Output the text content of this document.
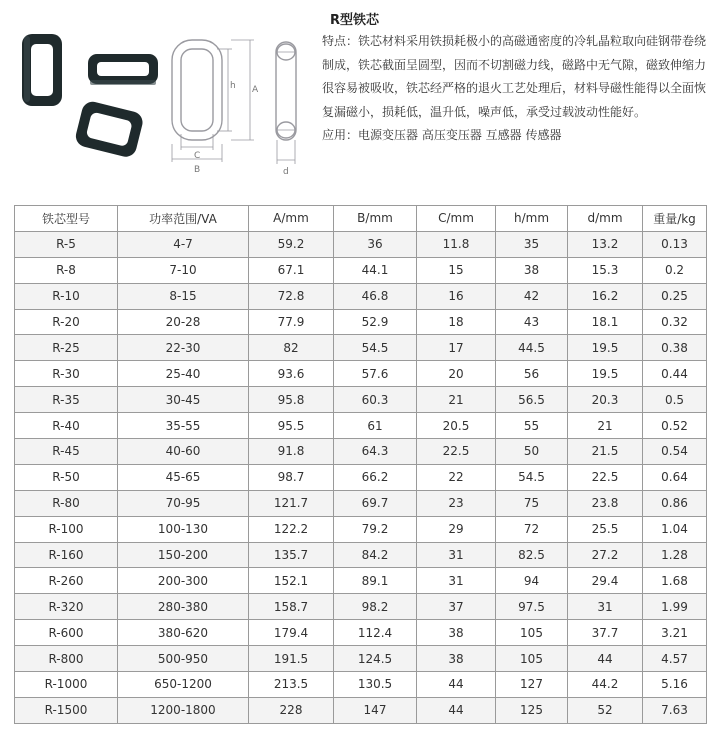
R型铁芯
A
h
C
B	d

特点：铁芯材料采用铁损耗极小的高磁通密度的冷轧晶粒取向硅钢带卷绕

制成，铁芯截面呈圆型，因而不切割磁力线，磁路中无气隙，磁致伸缩力

很容易被吸收，铁芯经严格的退火工艺处理后，材料导磁性能得以全面恢

复漏磁小，损耗低，温升低，噪声低，承受过载波动性能好。

应用：电源变压器 高压变压器 互感器 传感器

铁芯型号	功率范围/VA	A/mm	B/mm	C/mm	h/mm	d/mm	重量/kg
R-5	4-7	59.2	36	11.8	35	13.2	0.13
R-8	7-10	67.1	44.1	15	38	15.3	0.2
R-10	8-15	72.8	46.8	16	42	16.2	0.25
R-20	20-28	77.9	52.9	18	43	18.1	0.32
R-25	22-30	82	54.5	17	44.5	19.5	0.38
R-30	25-40	93.6	57.6	20	56	19.5	0.44
R-35	30-45	95.8	60.3	21	56.5	20.3	0.5
R-40	35-55	95.5	61	20.5	55	21	0.52
R-45	40-60	91.8	64.3	22.5	50	21.5	0.54
R-50	45-65	98.7	66.2	22	54.5	22.5	0.64
R-80	70-95	121.7	69.7	23	75	23.8	0.86
R-100	100-130	122.2	79.2	29	72	25.5	1.04
R-160	150-200	135.7	84.2	31	82.5	27.2	1.28
R-260	200-300	152.1	89.1	31	94	29.4	1.68
R-320	280-380	158.7	98.2	37	97.5	31	1.99
R-600	380-620	179.4	112.4	38	105	37.7	3.21
R-800	500-950	191.5	124.5	38	105	44	4.57
R-1000	650-1200	213.5	130.5	44	127	44.2	5.16
R-1500	1200-1800	228	147	44	125	52	7.63
